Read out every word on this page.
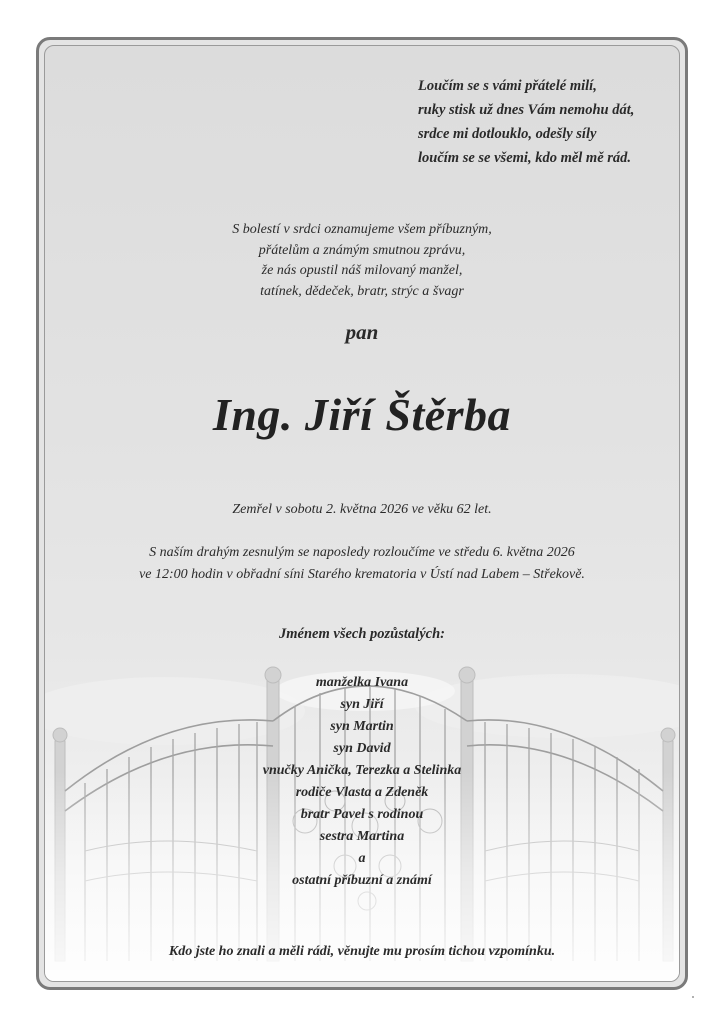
Loučím se s vámi přátelé milí,
ruky stisk už dnes Vám nemohu dát,
srdce mi dotlouklo, odešly síly
loučím se se všemi, kdo měl mě rád.
S bolestí v srdci oznamujeme všem příbuzným,
přátelům a známým smutnou zprávu,
že nás opustil náš milovaný manžel,
tatínek, dědeček, bratr, strýc a švagr
pan
Ing. Jiří Štěrba
Zemřel v sobotu 2. května 2026 ve věku 62 let.
S naším drahým zesnulým se naposledy rozloučíme ve středu 6. května 2026
ve 12:00 hodin v obřadní síni Starého krematoria v Ústí nad Labem – Střekově.
Jménem všech pozůstalých:
manželka Ivana
syn Jiří
syn Martin
syn David
vnučky Anička, Terezka a Stelinka
rodiče Vlasta a Zdeněk
bratr Pavel s rodinou
sestra Martina
a
ostatní příbuzní a známí
Kdo jste ho znali a měli rádi, věnujte mu prosím tichou vzpomínku.
